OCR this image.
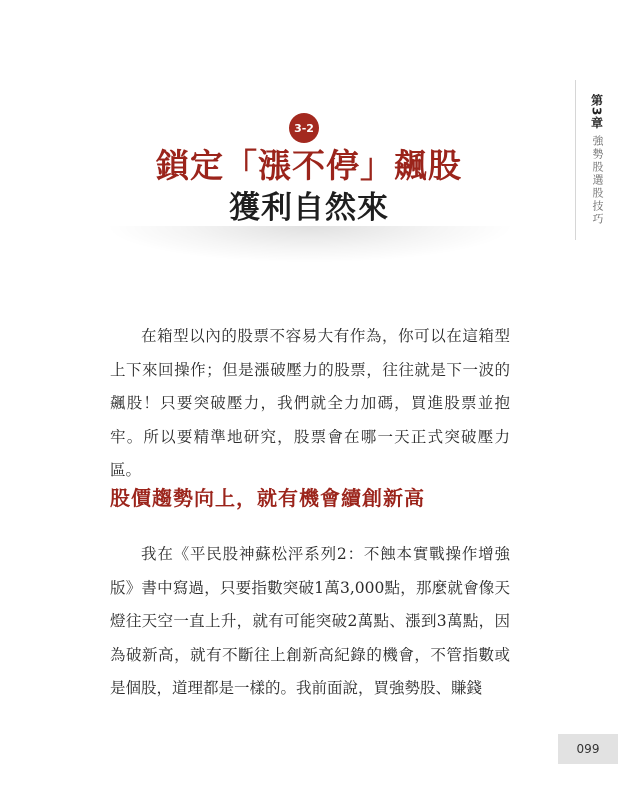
第3章
強勢股選股技巧
3-2
鎖定「漲不停」飆股
獲利自然來

在箱型以內的股票不容易大有作為，你可以在這箱型上下來回操作；但是漲破壓力的股票，往往就是下一波的飆股！只要突破壓力，我們就全力加碼，買進股票並抱牢。所以要精準地研究，股票會在哪一天正式突破壓力區。

股價趨勢向上，就有機會續創新高

我在《平民股神蘇松泙系列2：不蝕本實戰操作增強版》書中寫過，只要指數突破1萬3,000點，那麼就會像天燈往天空一直上升，就有可能突破2萬點、漲到3萬點，因為破新高，就有不斷往上創新高紀錄的機會，不管指數或是個股，道理都是一樣的。我前面說，買強勢股、賺錢

099
